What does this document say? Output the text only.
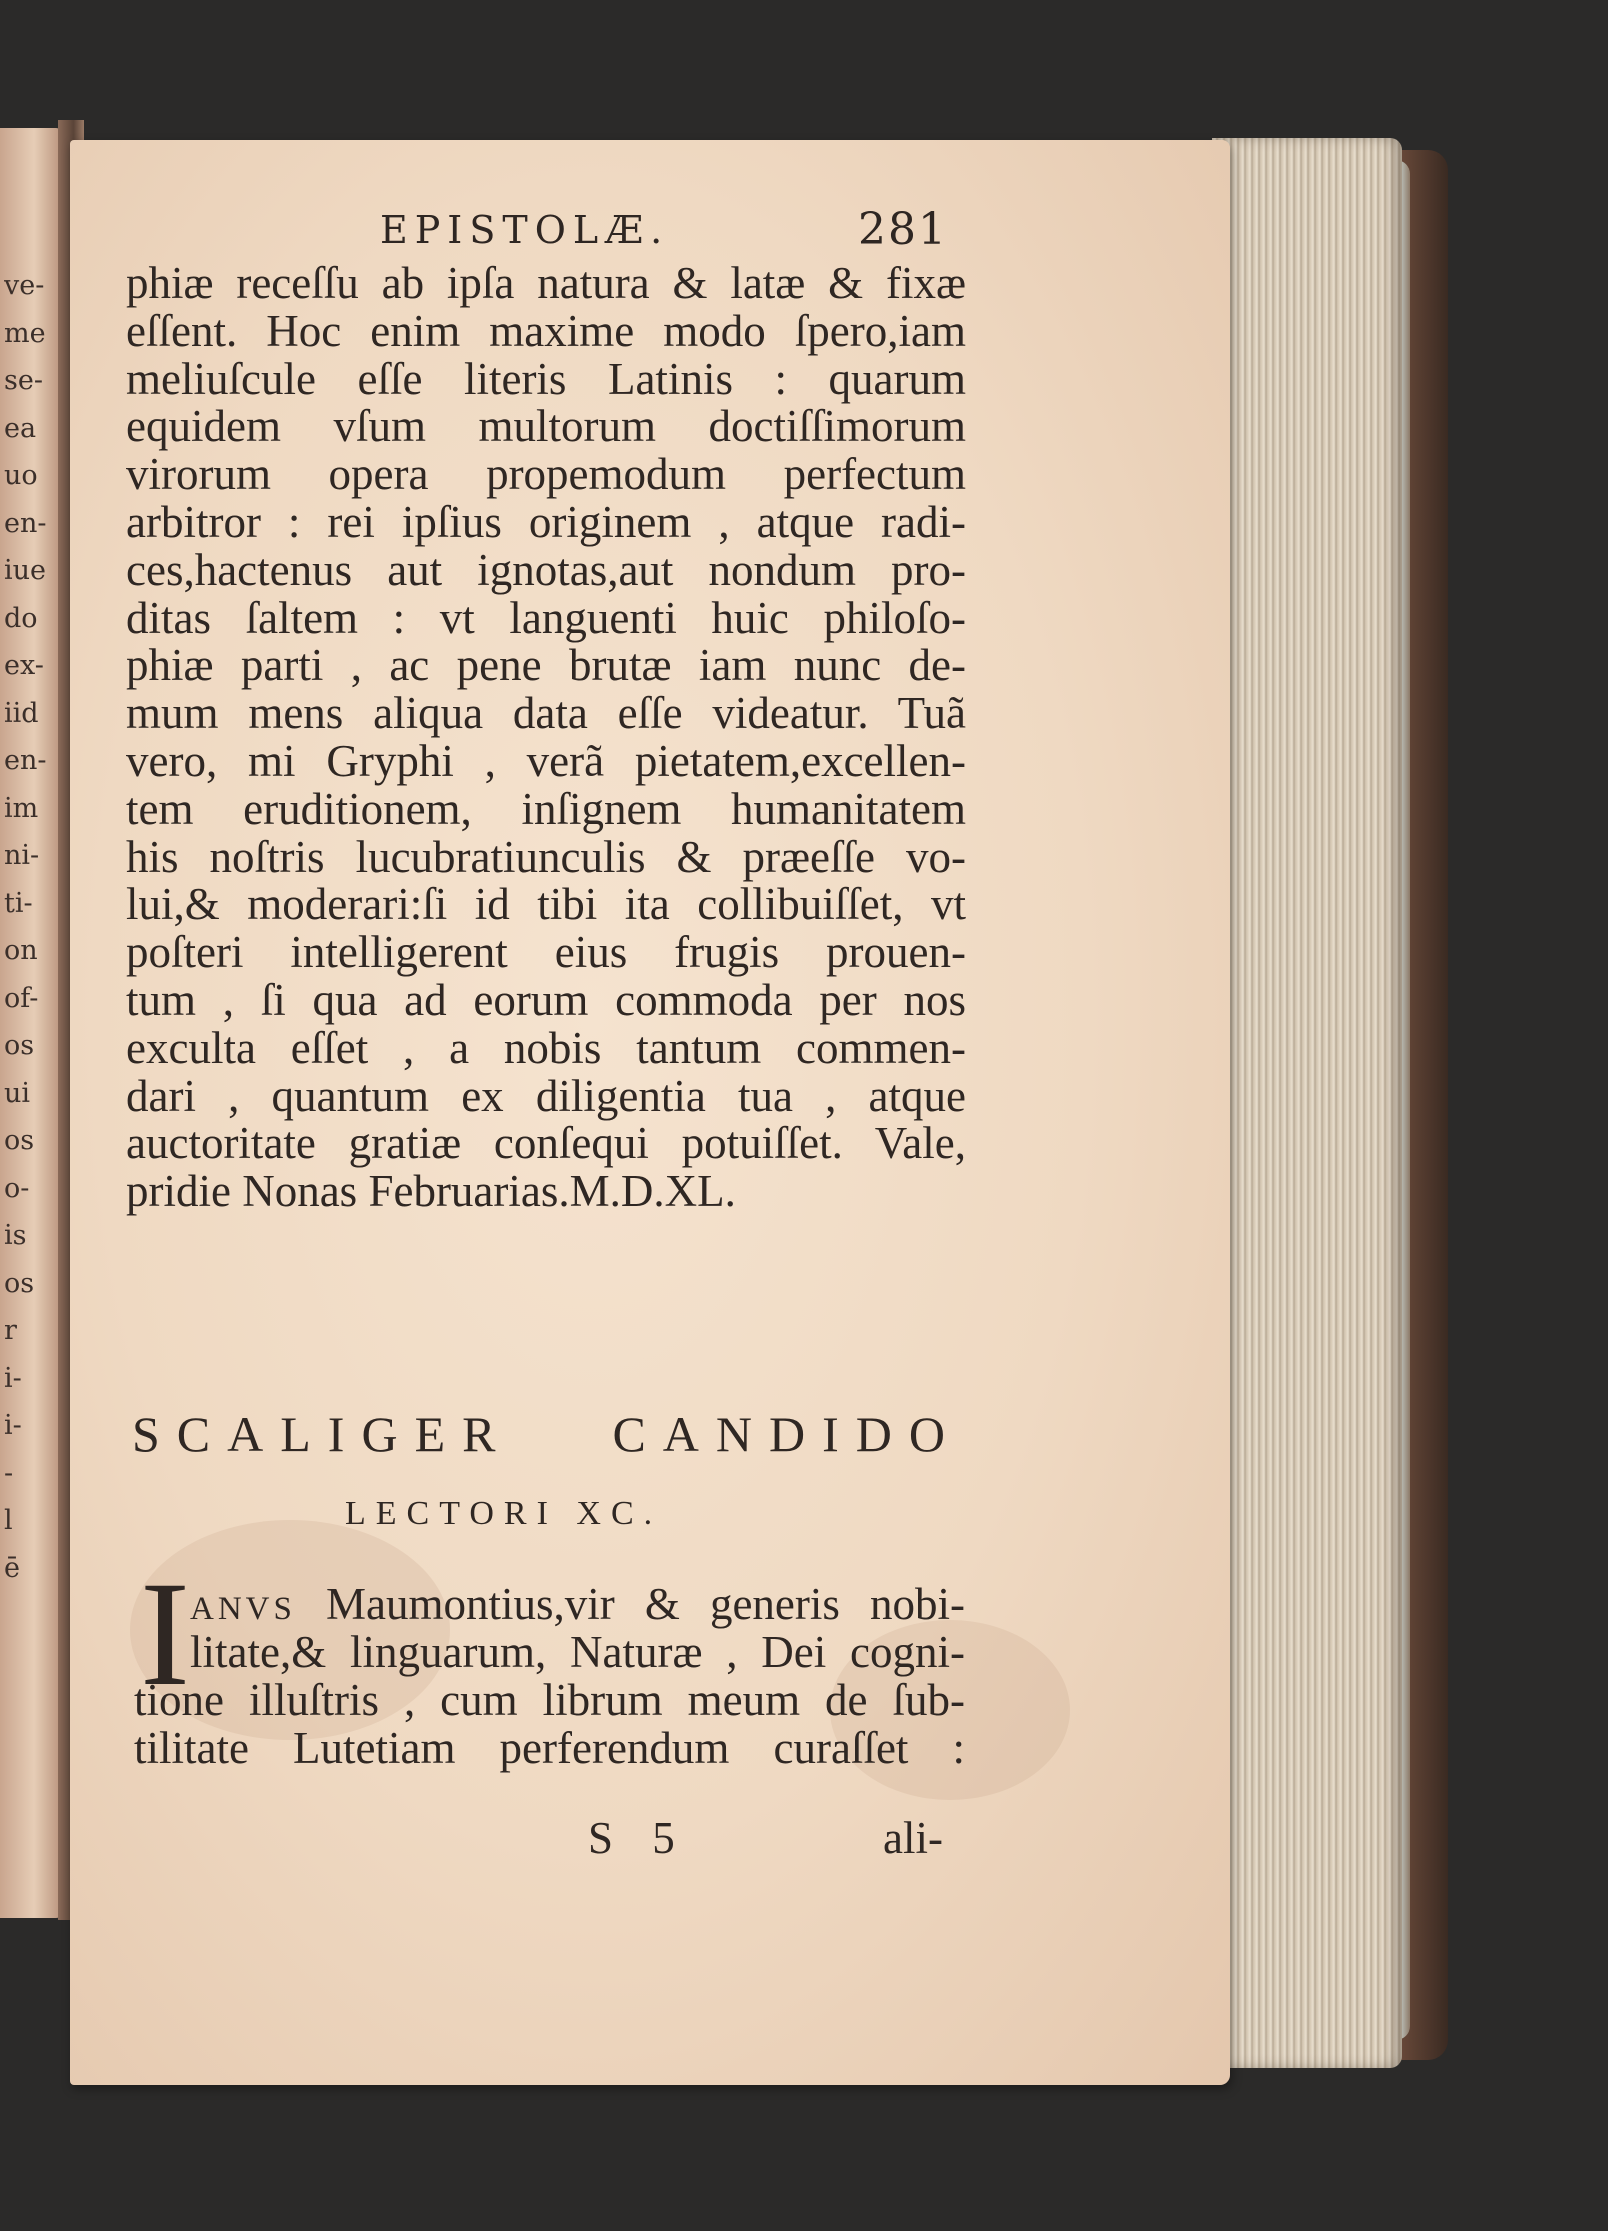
ve-
me
se-
ea
uo
en-
iue
do
ex-
iid
en-
im
ni-
ti-
on
of-
os
ui
os
o-
is
os
r
i-
i-
-
l
ē
EPISTOLÆ.	281
phiæ receſſu ab ipſa natura & latæ & fixæ
eſſent. Hoc enim maxime modo ſpero,iam
meliuſcule eſſe literis Latinis : quarum
equidem vſum multorum doctiſſimorum
virorum opera propemodum perfectum
arbitror : rei ipſius originem , atque radi-
ces,hactenus aut ignotas,aut nondum pro-
ditas ſaltem : vt languenti huic philoſo-
phiæ parti , ac pene brutæ iam nunc de-
mum mens aliqua data eſſe videatur. Tuã
vero, mi Gryphi , verã pietatem,excellen-
tem eruditionem, inſignem humanitatem
his noſtris lucubratiunculis & præeſſe vo-
lui,& moderari:ſi id tibi ita collibuiſſet, vt
poſteri intelligerent eius frugis prouen-
tum , ſi qua ad eorum commoda per nos
exculta eſſet , a nobis tantum commen-
dari , quantum ex diligentia tua , atque
auctoritate gratiæ conſequi potuiſſet. Vale,
pridie Nonas Februarias.M.D.XL.
SCALIGER CANDIDO
LECTORI XC.
I ANVS Maumontius,vir & generis nobi-
litate,& linguarum, Naturæ , Dei cogni-
tione illuſtris , cum librum meum de ſub-
tilitate Lutetiam perferendum curaſſet :
S 5	ali-
